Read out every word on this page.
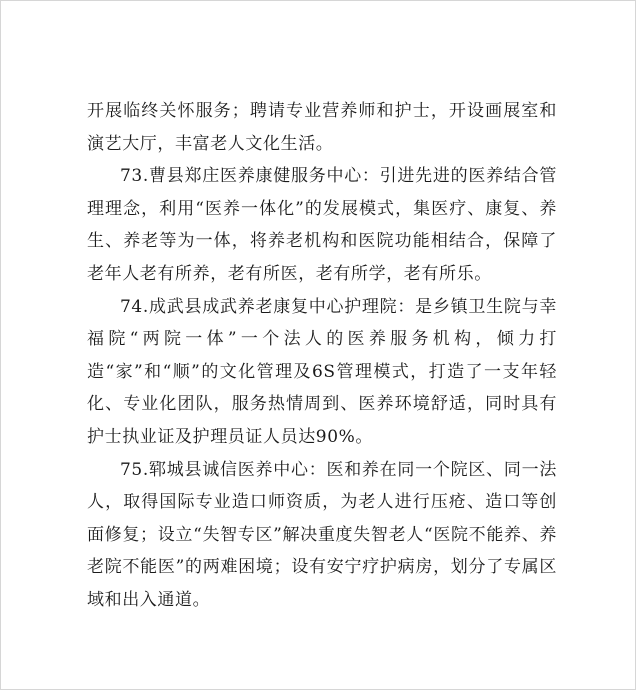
开展临终关怀服务；聘请专业营养师和护士，开设画展室和演艺大厅，丰富老人文化生活。

73.曹县郑庄医养康健服务中心：引进先进的医养结合管理理念，利用“医养一体化”的发展模式，集医疗、康复、养生、养老等为一体，将养老机构和医院功能相结合，保障了老年人老有所养，老有所医，老有所学，老有所乐。

74.成武县成武养老康复中心护理院：是乡镇卫生院与幸福院“两院一体”一个法人的医养服务机构，倾力打造“家”和“顺”的文化管理及6S管理模式，打造了一支年轻化、专业化团队，服务热情周到、医养环境舒适，同时具有护士执业证及护理员证人员达90%。

75.郓城县诚信医养中心：医和养在同一个院区、同一法人，取得国际专业造口师资质，为老人进行压疮、造口等创面修复；设立“失智专区”解决重度失智老人“医院不能养、养老院不能医”的两难困境；设有安宁疗护病房，划分了专属区域和出入通道。
